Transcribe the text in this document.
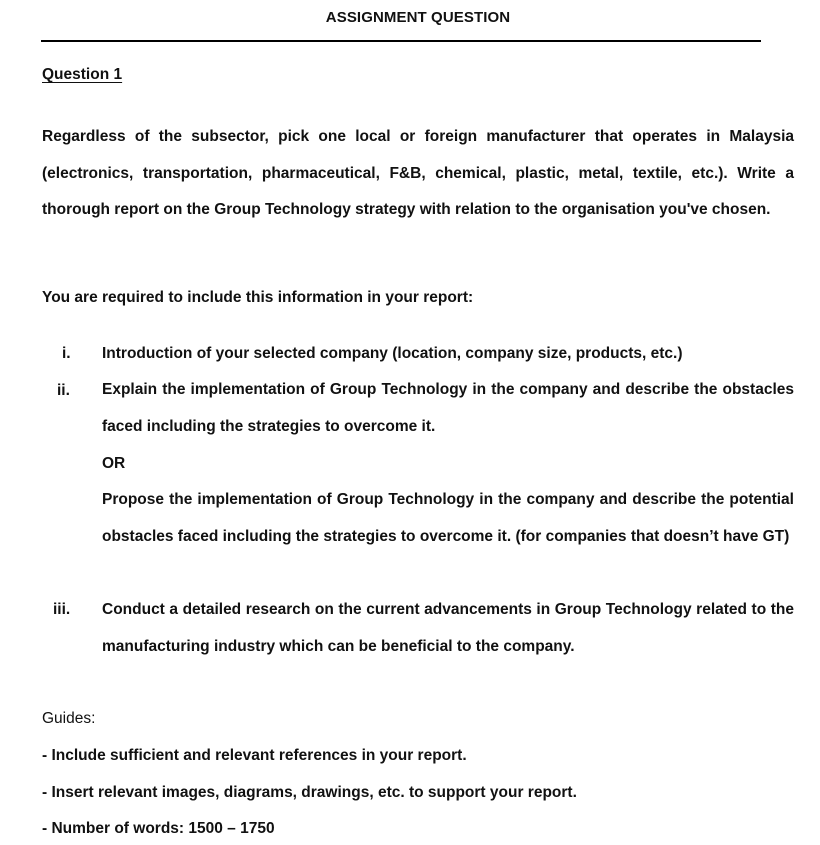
ASSIGNMENT QUESTION
Question 1
Regardless of the subsector, pick one local or foreign manufacturer that operates in Malaysia (electronics, transportation, pharmaceutical, F&B, chemical, plastic, metal, textile, etc.). Write a thorough report on the Group Technology strategy with relation to the organisation you've chosen.
You are required to include this information in your report:
i. Introduction of your selected company (location, company size, products, etc.)
ii. Explain the implementation of Group Technology in the company and describe the obstacles faced including the strategies to overcome it.
OR
Propose the implementation of Group Technology in the company and describe the potential obstacles faced including the strategies to overcome it. (for companies that doesn’t have GT)
iii. Conduct a detailed research on the current advancements in Group Technology related to the manufacturing industry which can be beneficial to the company.
Guides:
- Include sufficient and relevant references in your report.
- Insert relevant images, diagrams, drawings, etc. to support your report.
- Number of words: 1500 – 1750
